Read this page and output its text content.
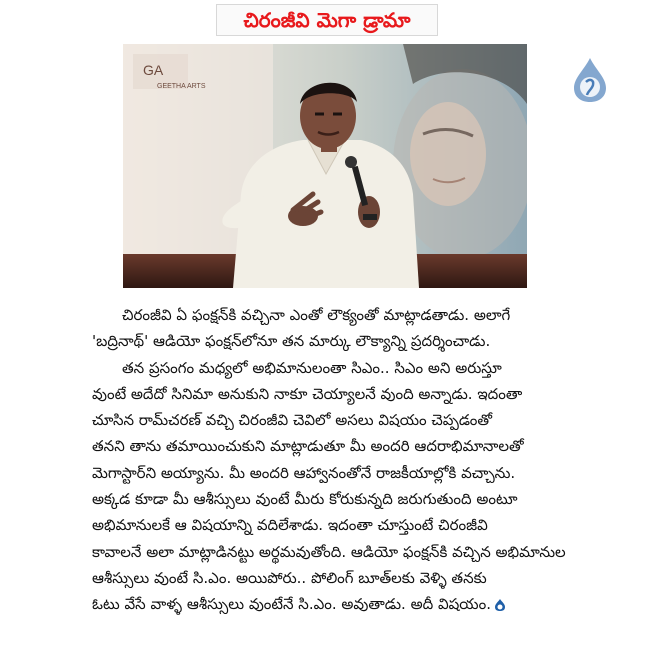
చిరంజీవి మెగా డ్రామా
GA
GEETHA ARTS
చిరంజీవి ఏ ఫంక్షన్‌కి వచ్చినా ఎంతో లౌక్యంతో మాట్లాడతాడు. అలాగే
'బద్రినాథ్' ఆడియో ఫంక్షన్‌లోనూ తన మార్కు లౌక్యాన్ని ప్రదర్శించాడు.
తన ప్రసంగం మధ్యలో అభిమానులంతా సిఎం.. సిఎం అని అరుస్తూ
వుంటే అదేదో సినిమా అనుకుని నాకూ చెయ్యాలనే వుంది అన్నాడు. ఇదంతా
చూసిన రామ్‌చరణ్ వచ్చి చిరంజీవి చెవిలో అసలు విషయం చెప్పడంతో
తనని తాను తమాయించుకుని మాట్లాడుతూ మీ అందరి ఆదరాభిమానాలతో
మెగాస్టార్‌ని అయ్యాను. మీ అందరి ఆహ్వానంతోనే రాజకీయాల్లోకి వచ్చాను.
అక్కడ కూడా మీ ఆశీస్సులు వుంటే మీరు కోరుకున్నది జరుగుతుంది అంటూ
అభిమానులకే ఆ విషయాన్ని వదిలేశాడు. ఇదంతా చూస్తుంటే చిరంజీవి
కావాలనే అలా మాట్లాడినట్టు అర్థమవుతోంది. ఆడియో ఫంక్షన్‌కి వచ్చిన అభిమానుల
ఆశీస్సులు వుంటే సి.ఎం. అయిపోరు.. పోలింగ్ బూత్‌లకు వెళ్ళి తనకు
ఓటు వేసే వాళ్ళ ఆశీస్సులు వుంటేనే సి.ఎం. అవుతాడు. అదీ విషయం.
